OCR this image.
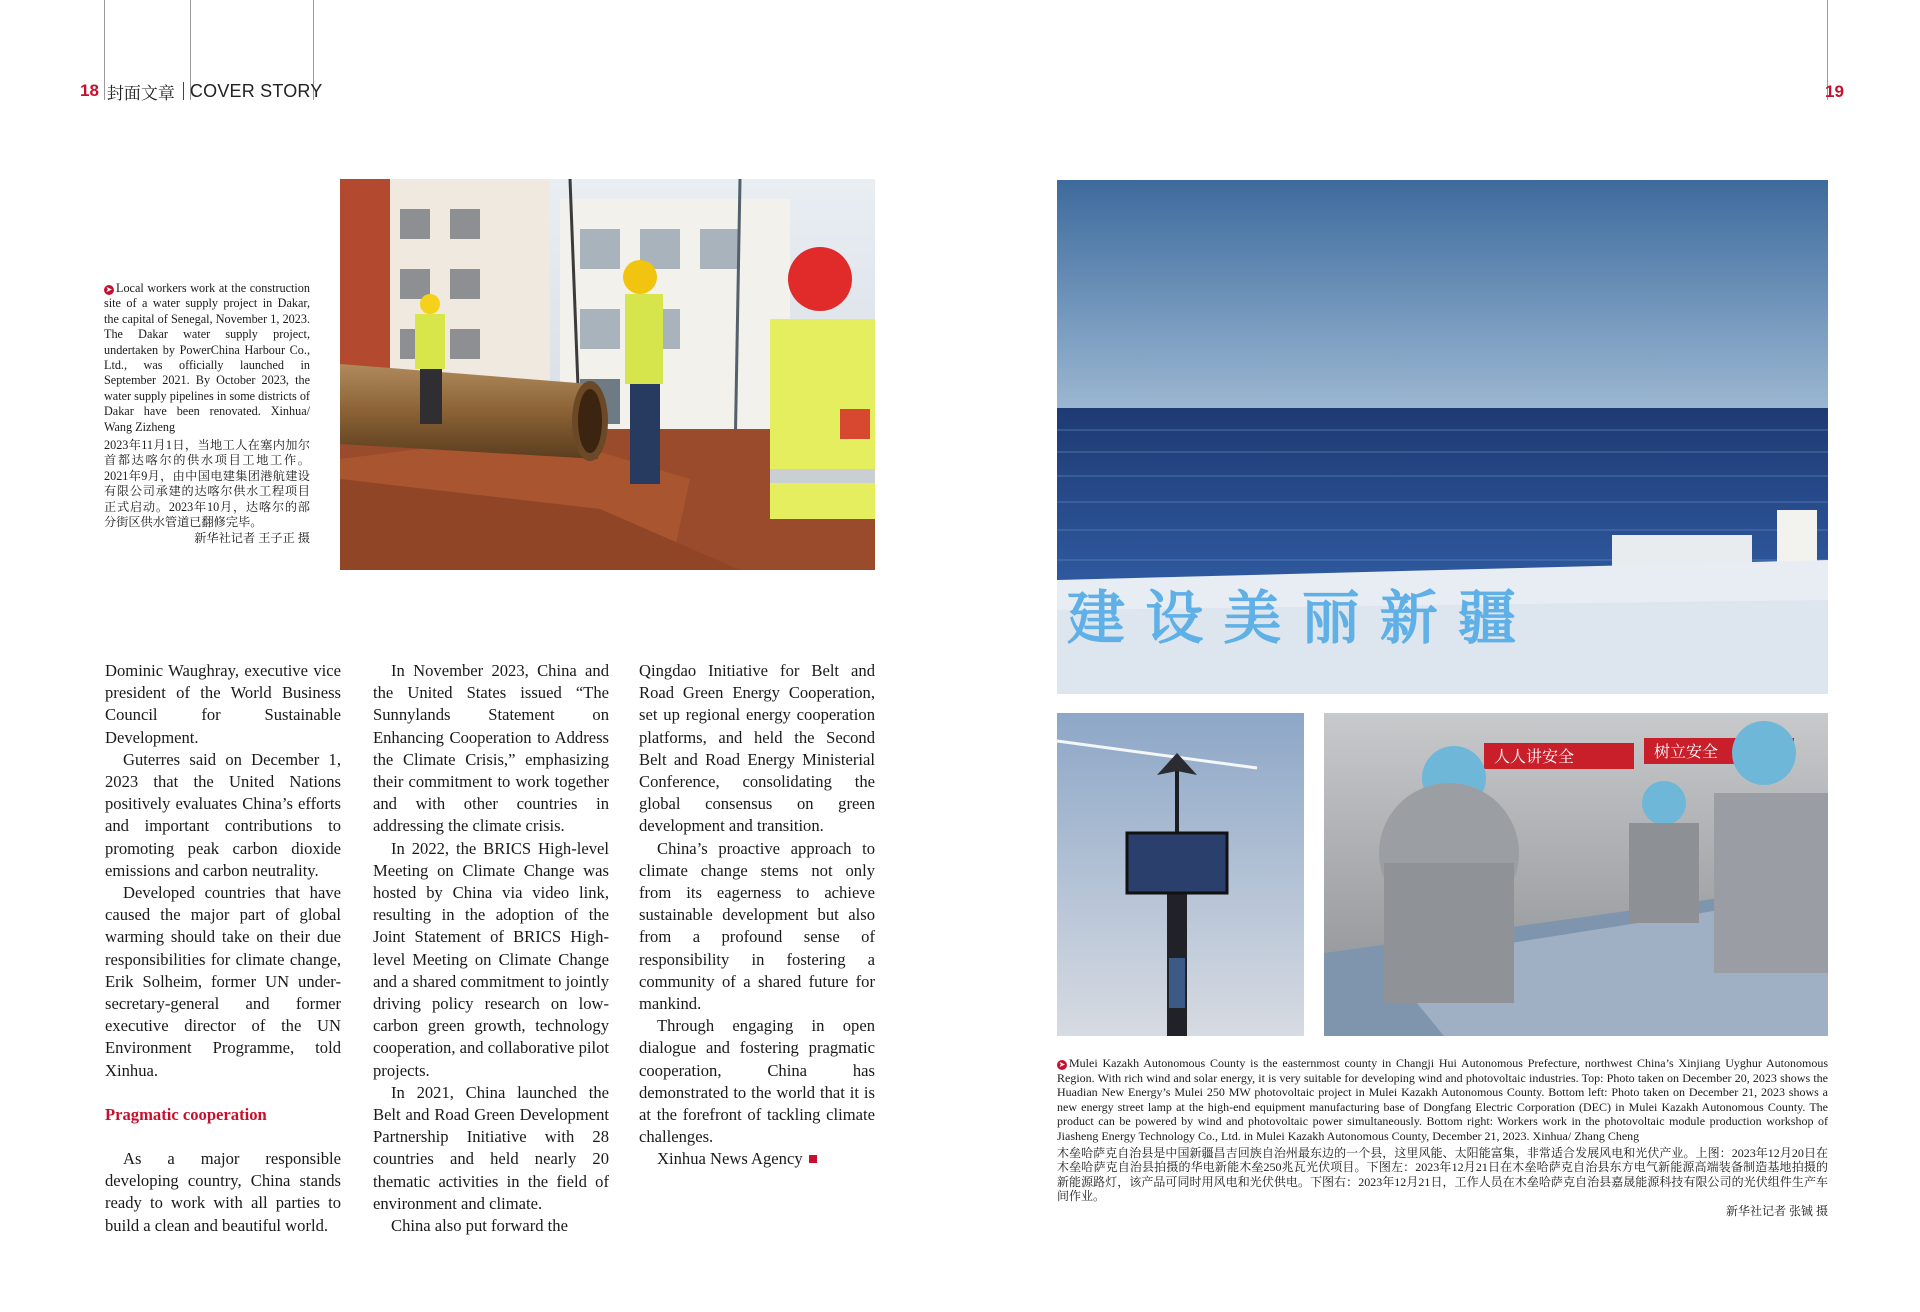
18 封面文章 COVER STORY	19
➤ Local workers work at the construction site of a water supply project in Dakar, the capital of Senegal, November 1, 2023. The Dakar water supply project, undertaken by PowerChina Harbour Co., Ltd., was officially launched in September 2021. By October 2023, the water supply pipelines in some districts of Dakar have been renovated. Xinhua/ Wang Zizheng
2023年11月1日，当地工人在塞内加尔首都达喀尔的供水项目工地工作。2021年9月，由中国电建集团港航建设有限公司承建的达喀尔供水工程项目正式启动。2023年10月，达喀尔的部分街区供水管道已翻修完毕。
新华社记者 王子正 摄

Dominic Waughray, executive vice president of the World Business Council for Sustainable Development.

Guterres said on December 1, 2023 that the United Nations positively evaluates China’s efforts and important contributions to promoting peak carbon dioxide emissions and carbon neutrality.

Developed countries that have caused the major part of global warming should take on their due responsibilities for climate change, Erik Solheim, former UN under-secretary-general and former executive director of the UN Environment Programme, told Xinhua.

Pragmatic cooperation

As a major responsible developing country, China stands ready to work with all parties to build a clean and beautiful world.

In November 2023, China and the United States issued “The Sunnylands Statement on Enhancing Cooperation to Address the Climate Crisis,” emphasizing their commitment to work together and with other countries in addressing the climate crisis.

In 2022, the BRICS High-level Meeting on Climate Change was hosted by China via video link, resulting in the adoption of the Joint Statement of BRICS High-level Meeting on Climate Change and a shared commitment to jointly driving policy research on low-carbon green growth, technology cooperation, and collaborative pilot projects.

In 2021, China launched the Belt and Road Green Development Partnership Initiative with 28 countries and held nearly 20 thematic activities in the field of environment and climate.

China also put forward the

Qingdao Initiative for Belt and Road Green Energy Cooperation, set up regional energy cooperation platforms, and held the Second Belt and Road Energy Ministerial Conference, consolidating the global consensus on green development and transition.

China’s proactive approach to climate change stems not only from its eagerness to achieve sustainable development but also from a profound sense of responsibility in fostering a community of a shared future for mankind.

Through engaging in open dialogue and fostering pragmatic cooperation, China has demonstrated to the world that it is at the forefront of tackling climate challenges.

Xinhua News Agency

建 设 美 丽 新 疆
人人讲安全	树立安全
➤ Mulei Kazakh Autonomous County is the easternmost county in Changji Hui Autonomous Prefecture, northwest China’s Xinjiang Uyghur Autonomous Region. With rich wind and solar energy, it is very suitable for developing wind and photovoltaic industries. Top: Photo taken on December 20, 2023 shows the Huadian New Energy’s Mulei 250 MW photovoltaic project in Mulei Kazakh Autonomous County. Bottom left: Photo taken on December 21, 2023 shows a new energy street lamp at the high-end equipment manufacturing base of Dongfang Electric Corporation (DEC) in Mulei Kazakh Autonomous County. The product can be powered by wind and photovoltaic power simultaneously. Bottom right: Workers work in the photovoltaic module production workshop of Jiasheng Energy Technology Co., Ltd. in Mulei Kazakh Autonomous County, December 21, 2023. Xinhua/ Zhang Cheng
木垒哈萨克自治县是中国新疆昌吉回族自治州最东边的一个县，这里风能、太阳能富集，非常适合发展风电和光伏产业。上图：2023年12月20日在木垒哈萨克自治县拍摄的华电新能木垒250兆瓦光伏项目。下图左：2023年12月21日在木垒哈萨克自治县东方电气新能源高端装备制造基地拍摄的新能源路灯，该产品可同时用风电和光伏供电。下图右：2023年12月21日，工作人员在木垒哈萨克自治县嘉晟能源科技有限公司的光伏组件生产车间作业。
新华社记者 张铖 摄
